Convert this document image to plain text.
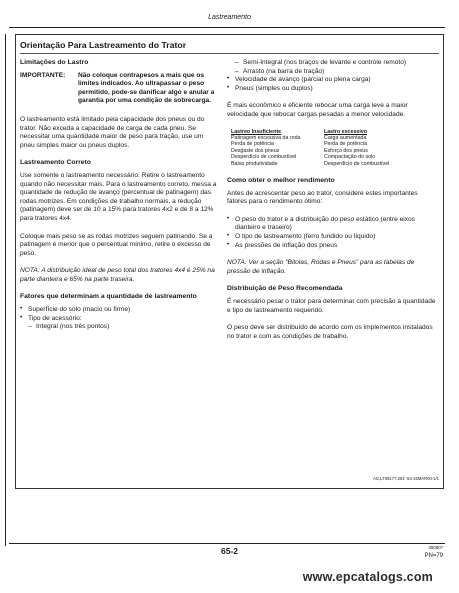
Lastreamento
Orientação Para Lastreamento do Trator
Limitações do Lastro
IMPORTANTE:	Não coloque contrapesos a mais que os limites indicados. Ao ultrapassar o peso permitido, pode-se danificar algo e anular a garantia por uma condição de sobrecarga.

O lastreamento está limitado pela capacidade dos pneus ou do trator. Não exceda a capacidade de carga de cada pneu. Se necessitar uma quantidade maior de peso para tração, use um pneu simples maior ou pneus duplos.

Lastreamento Correto

Use somente o lastreamento necessário. Retire o lastreamento quando não necessitar mais. Para o lastreamento correto, messa a quantidade de redução de avanço (percentual de patinagem) das rodas motrizes. Em condições de trabalho normais, a redução (patinagem) deve ser de 10 a 15% para tratores 4x2 e de 8 a 12% para tratores 4x4.

Coloque mais peso se as rodas motrizes seguem patinando. Se a patinagem é menor que o percentual mínimo, retire o excesso de peso.

NOTA: A distribuição ideal de peso total dos tratores 4x4 é 25% na parte dianteira e 65% na parte traseira.
Fatores que determinam a quantidade de lastreamento
• Superfície do solo (macio ou firme)
• Tipo de acessório:
– Integral (nos três pontos)
– Semi-Integral (nos braços de levante e controle remoto)
– Arrasto (na barra de tração)
• Velocidade de avanço (parcial ou plena carga)
• Pneus (simples ou duplos)

É mais econômico e eficiente rebocar uma carga leve a maior velocidade que rebocar cargas pesadas a menor velocidade.

Lastreo Insuficiente
Patinagem excessiva da roda
Perda de potência
Desgaste dos pneus
Desperdício de combustível
Baixa produtividade
Lastro excessivo
Carga aumentada
Perda de potência
Esforço dos pneus
Compactação do solo
Desperdício de combustível
Como obter o melhor rendimento

Antes de acrescentar peso ao trator, considere estes importantes fatores para o rendimento ótimo:

• O peso do trator e a distribuição do peso estático (entre eixos dianteiro e traseiro)
• O tipo de lastreamento (ferro fundido ou líquido)
• As pressões de inflação dos pneus
NOTA: Ver a seção “Bitolas, Rodas e Pneus” para as tabelas de pressão de inflação.
Distribuição de Peso Recomendada

É necessário pesar o trator para determinar com precisão a quantidade e tipo de lastreamento requerido.

O peso deve ser distribuído de acordo com os implementos instalados no trator e com as condições de trabalho.

AG,LT08177,204 -54-15MAR00-1/1
65-2	050807
PN=79
www.epcatalogs.com
